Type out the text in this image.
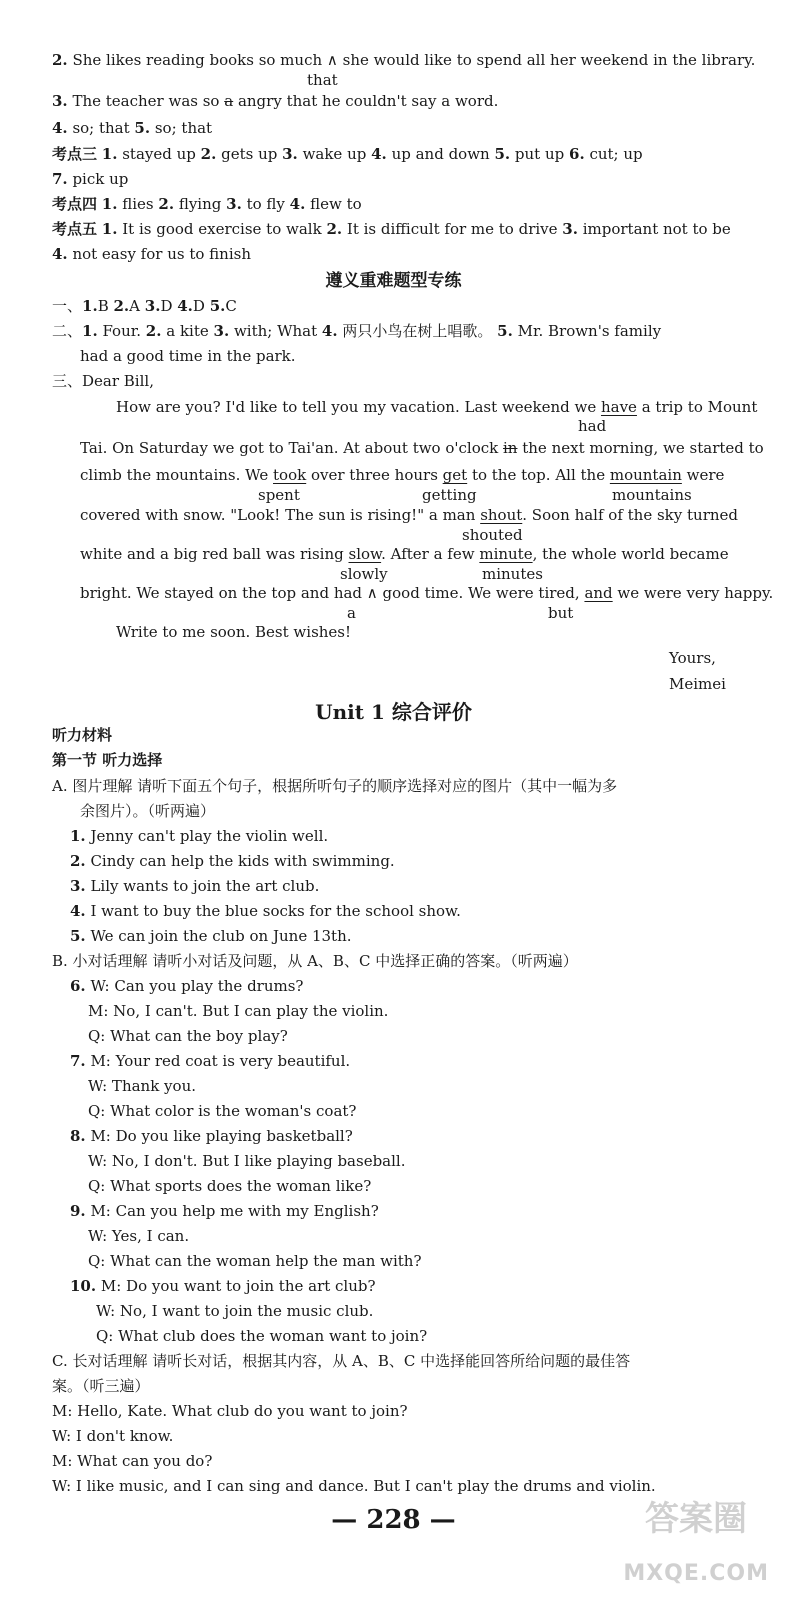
2. She likes reading books so much ∧ she would like to spend all her weekend in the library.
that
3. The teacher was so a angry that he couldn't say a word.
4. so; that 5. so; that
考点三 1. stayed up 2. gets up 3. wake up 4. up and down 5. put up 6. cut; up
7. pick up
考点四 1. flies 2. flying 3. to fly 4. flew to
考点五 1. It is good exercise to walk 2. It is difficult for me to drive 3. important not to be
4. not easy for us to finish
遵义重难题型专练
一、1.B 2.A 3.D 4.D 5.C
二、1. Four. 2. a kite 3. with; What 4. 两只小鸟在树上唱歌。 5. Mr. Brown's family
had a good time in the park.
三、Dear Bill,
How are you? I'd like to tell you my vacation. Last weekend we have a trip to Mount
had
Tai. On Saturday we got to Tai'an. At about two o'clock in the next morning, we started to
climb the mountains. We took over three hours get to the top. All the mountain were
spent	getting	mountains
covered with snow. "Look! The sun is rising!" a man shout. Soon half of the sky turned
shouted
white and a big red ball was rising slow. After a few minute, the whole world became
slowly	minutes
bright. We stayed on the top and had ∧ good time. We were tired, and we were very happy.
a	but
Write to me soon. Best wishes!
Yours,
Meimei
Unit 1 综合评价
听力材料
第一节 听力选择
A. 图片理解 请听下面五个句子，根据所听句子的顺序选择对应的图片（其中一幅为多
余图片）。（听两遍）
1. Jenny can't play the violin well.
2. Cindy can help the kids with swimming.
3. Lily wants to join the art club.
4. I want to buy the blue socks for the school show.
5. We can join the club on June 13th.
B. 小对话理解 请听小对话及问题，从 A、B、C 中选择正确的答案。（听两遍）
6. W: Can you play the drums?
M: No, I can't. But I can play the violin.
Q: What can the boy play?
7. M: Your red coat is very beautiful.
W: Thank you.
Q: What color is the woman's coat?
8. M: Do you like playing basketball?
W: No, I don't. But I like playing baseball.
Q: What sports does the woman like?
9. M: Can you help me with my English?
W: Yes, I can.
Q: What can the woman help the man with?
10. M: Do you want to join the art club?
W: No, I want to join the music club.
Q: What club does the woman want to join?
C. 长对话理解 请听长对话，根据其内容，从 A、B、C 中选择能回答所给问题的最佳答
案。（听三遍）
M: Hello, Kate. What club do you want to join?
W: I don't know.
M: What can you do?
W: I like music, and I can sing and dance. But I can't play the drums and violin.
— 228 —	答案圈
MXQE.COM
